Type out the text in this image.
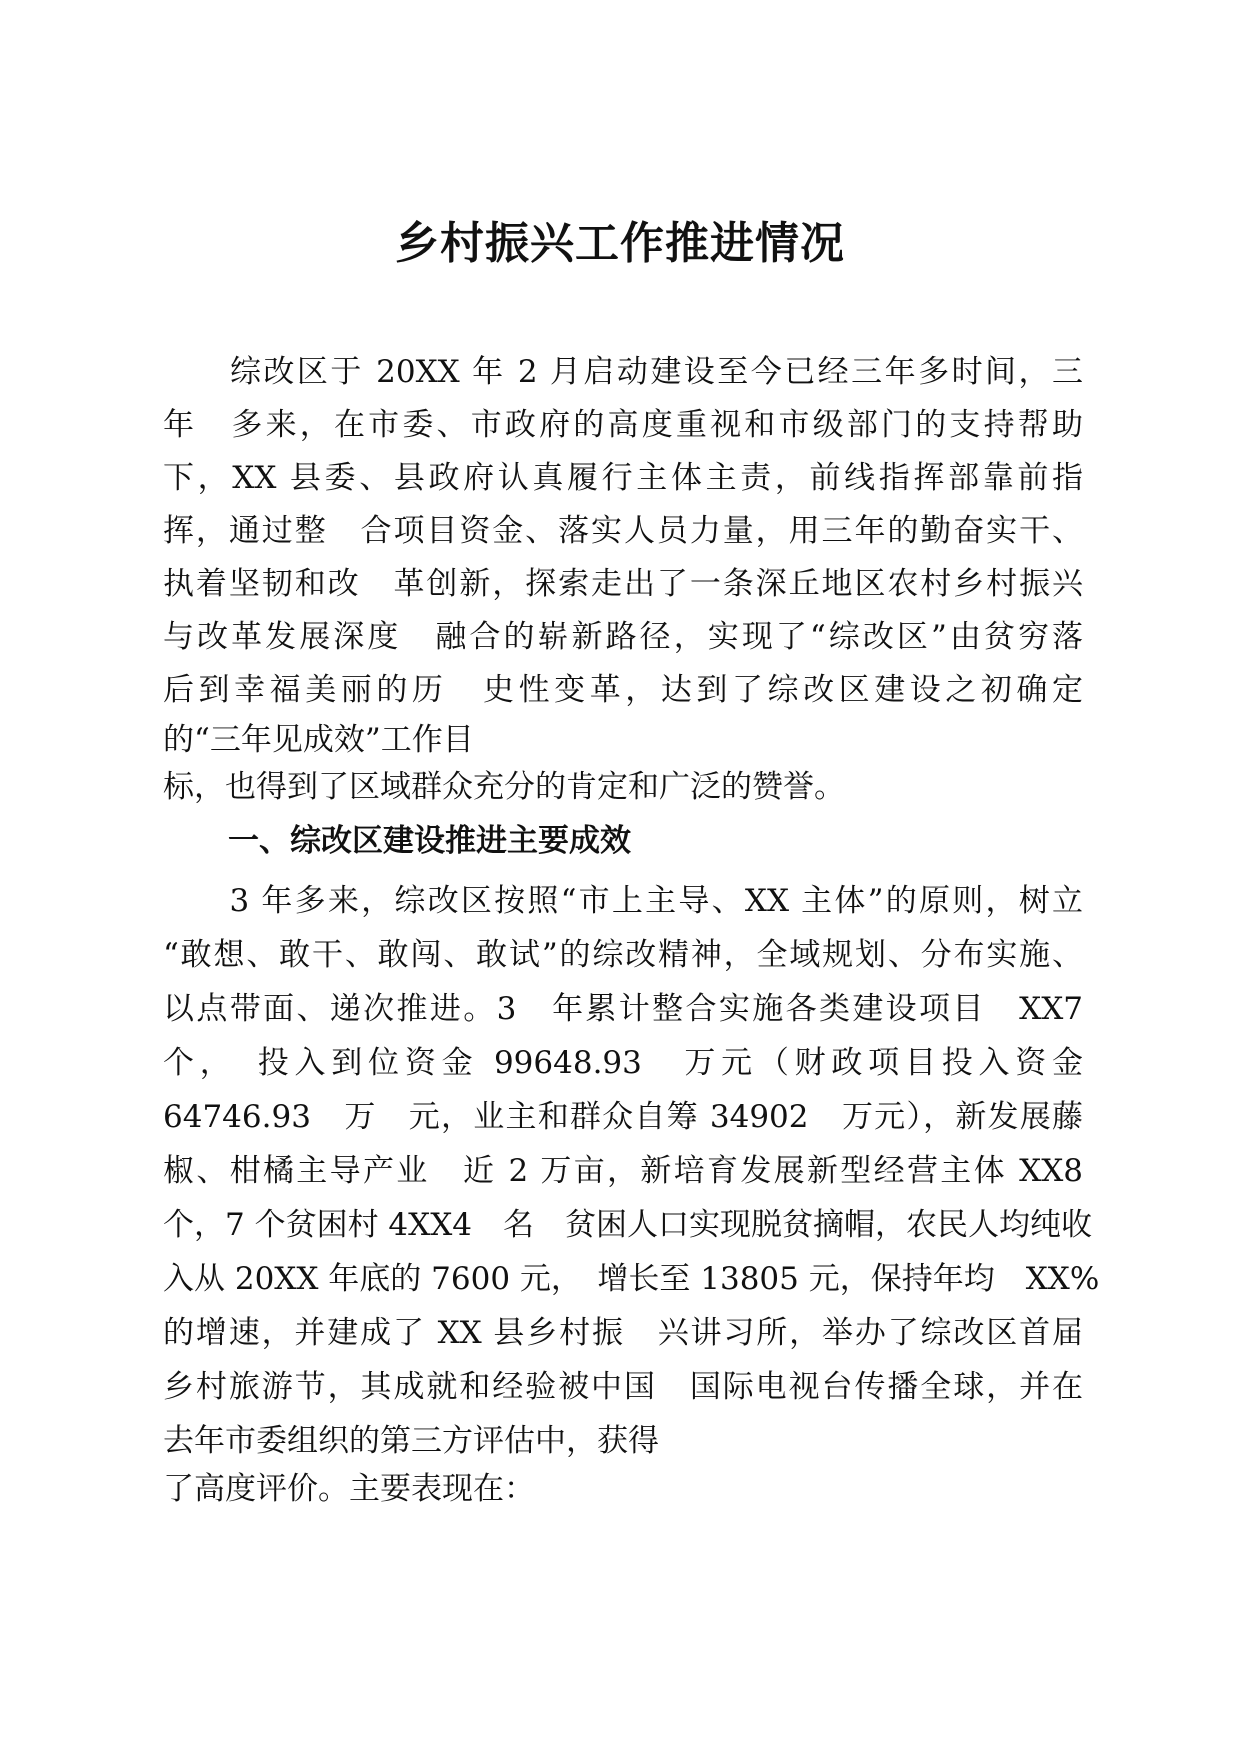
乡村振兴工作推进情况

　　综改区于 20XX 年 2 月启动建设至今已经三年多时间，三

年　多来，在市委、市政府的高度重视和市级部门的支持帮助

下，XX 县委、县政府认真履行主体主责，前线指挥部靠前指

挥，通过整　合项目资金、落实人员力量，用三年的勤奋实干、

执着坚韧和改　革创新，探索走出了一条深丘地区农村乡村振兴

与改革发展深度　融合的崭新路径，实现了“综改区”由贫穷落

后到幸福美丽的历　史性变革，达到了综改区建设之初确定

的“三年见成效”工作目

标，也得到了区域群众充分的肯定和广泛的赞誉。

一、综改区建设推进主要成效

　　3 年多来，综改区按照“市上主导、XX 主体”的原则，树立

“敢想、敢干、敢闯、敢试”的综改精神，全域规划、分布实施、

以点带面、递次推进。3　年累计整合实施各类建设项目　XX7

个，　投入到位资金 99648.93　万元（财政项目投入资金

64746.93　万　元，业主和群众自筹 34902　万元），新发展藤

椒、柑橘主导产业　近 2 万亩，新培育发展新型经营主体 XX8

个，7 个贫困村 4XX4　名　贫困人口实现脱贫摘帽，农民人均纯收

入从 20XX 年底的 7600 元，　增长至 13805 元，保持年均　XX%

的增速，并建成了 XX 县乡村振　兴讲习所，举办了综改区首届

乡村旅游节，其成就和经验被中国　国际电视台传播全球，并在

去年市委组织的第三方评估中，获得

了高度评价。主要表现在：
